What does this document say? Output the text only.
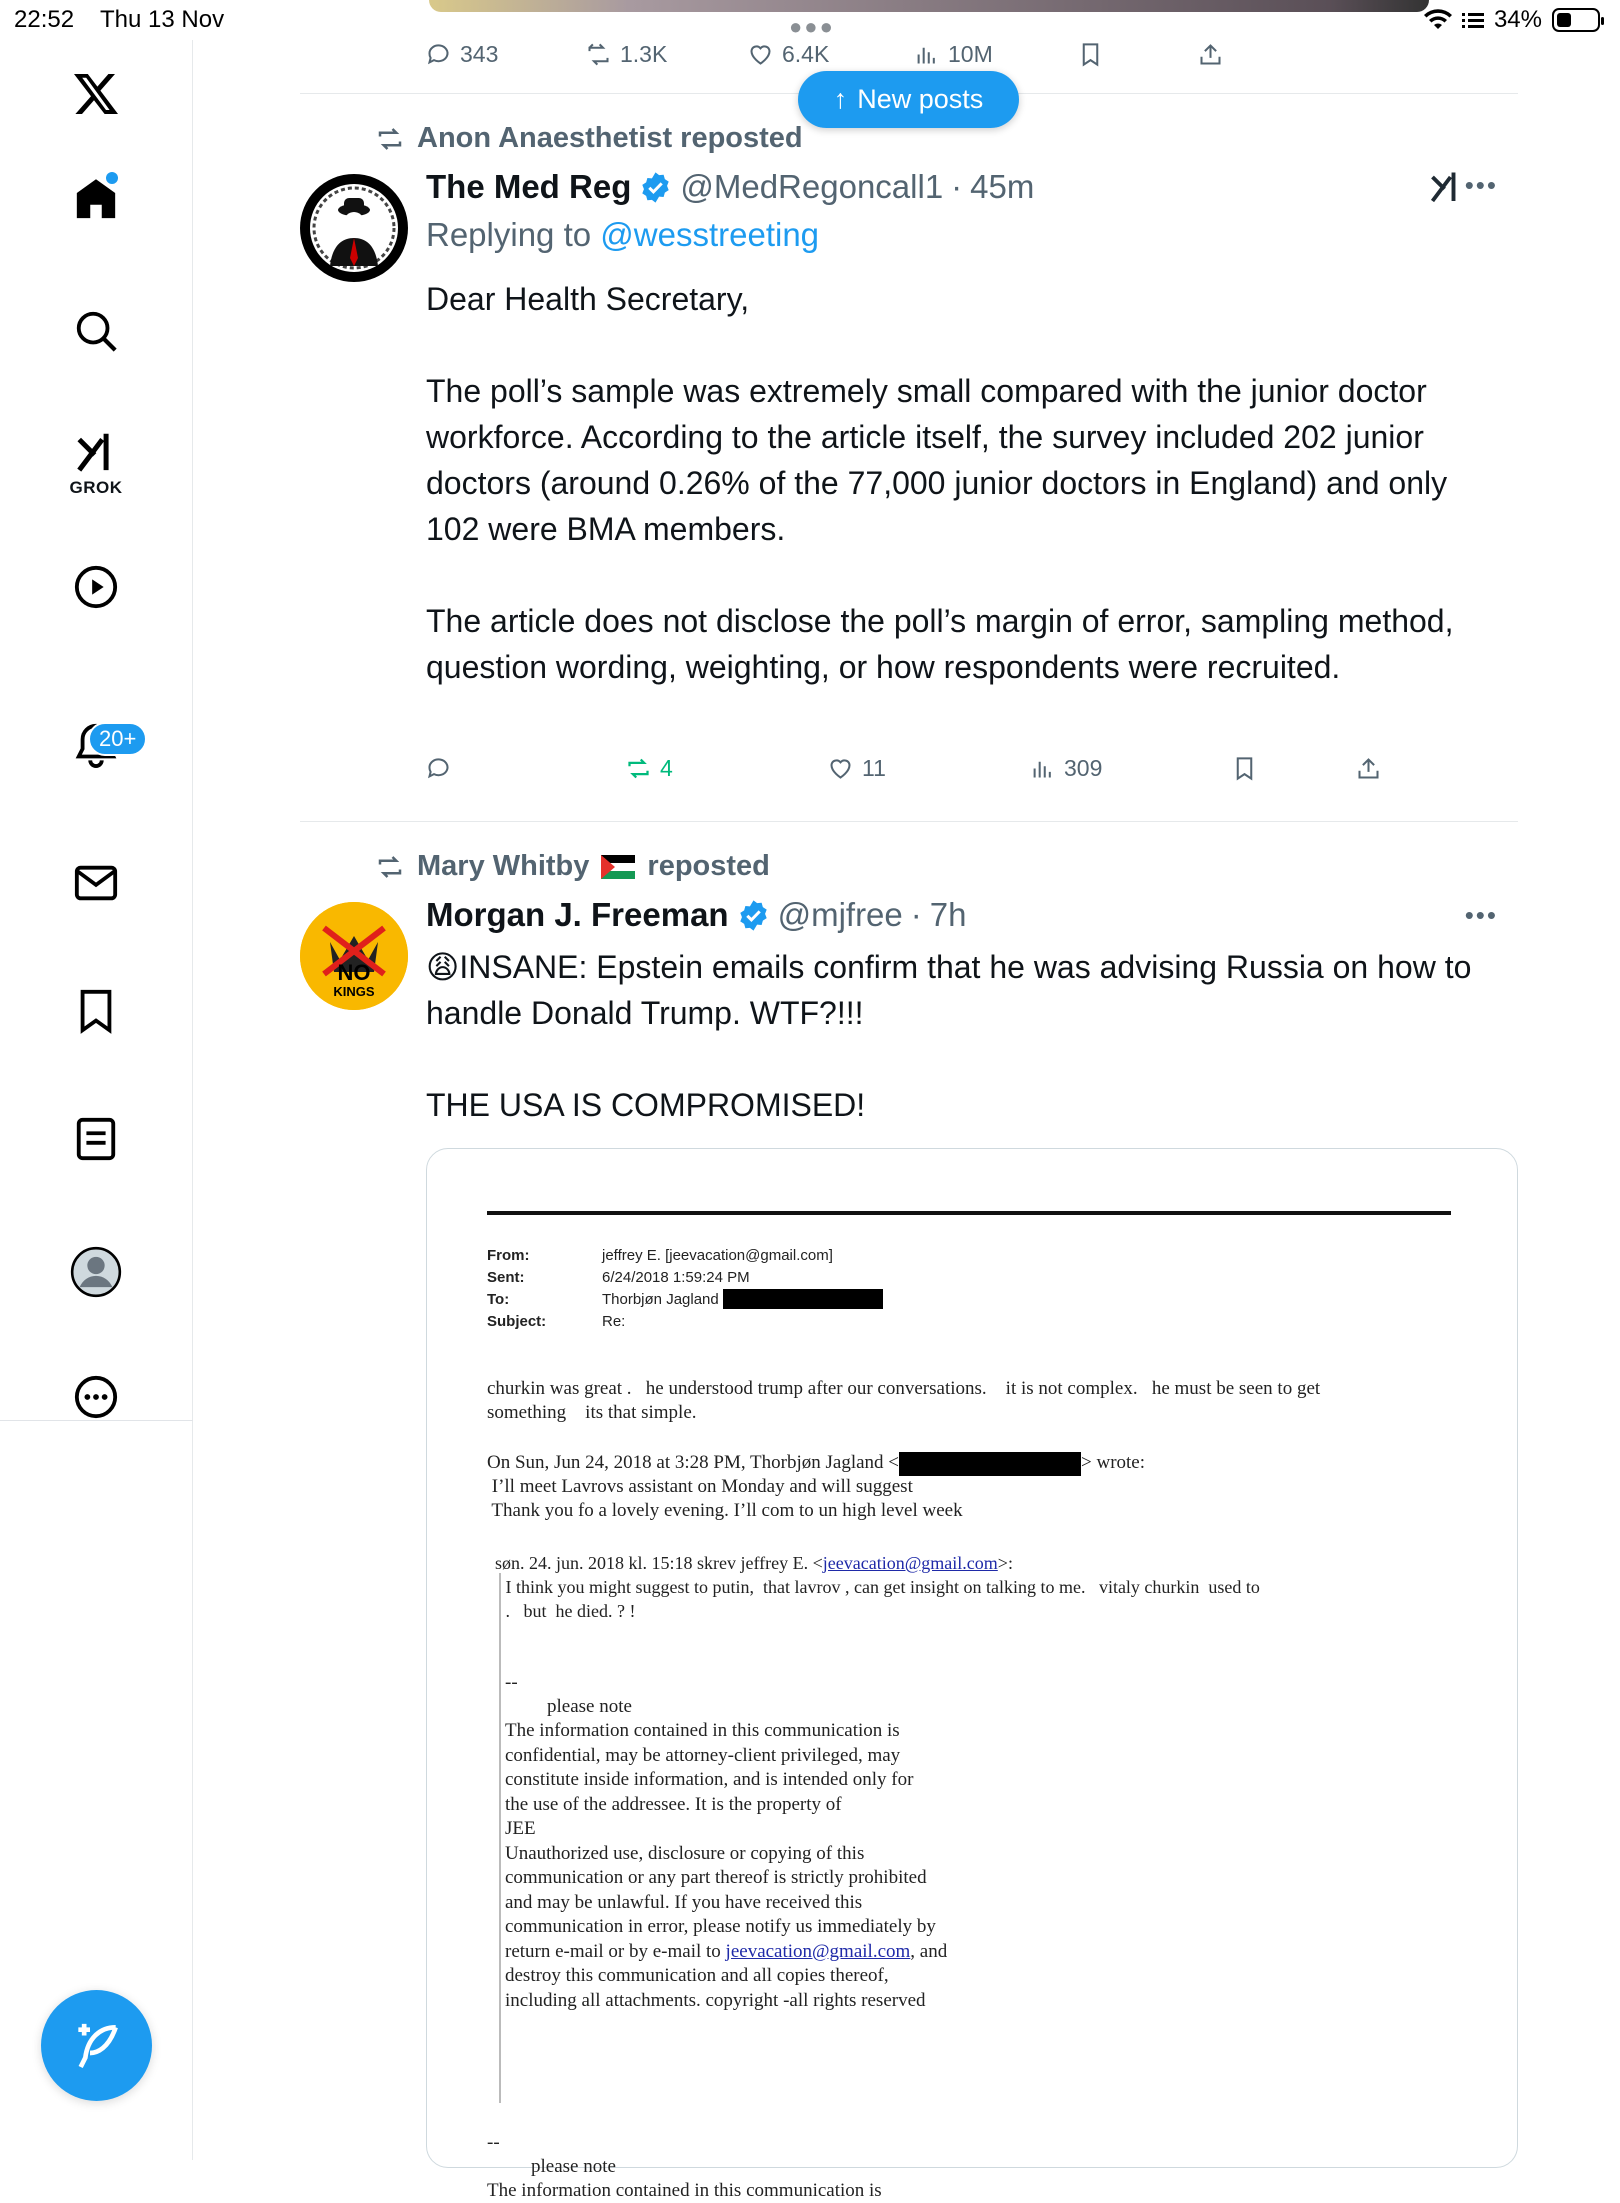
22:52 Thu 13 Nov	34%
GROK
20+
●●●
343	1.3K	6.4K	10M
↑ New posts
Anon Anaesthetist reposted
The Med Reg @MedRegoncall1 · 45m	•••
Replying to @wesstreeting
Dear Health Secretary,

The poll’s sample was extremely small compared with the junior doctor workforce. According to the article itself, the survey included 202 junior doctors (around 0.26% of the 77,000 junior doctors in England) and only 102 were BMA members.

The article does not disclose the poll’s margin of error, sampling method, question wording, weighting, or how respondents were recruited.
4	11	309
Mary Whitby reposted
NO
KINGS
Morgan J. Freeman @mjfree · 7h	•••
😩INSANE: Epstein emails confirm that he was advising Russia on how to handle Donald Trump. WTF?!!!
THE USA IS COMPROMISED!
From:	jeffrey E. [jeevacation@gmail.com]
Sent:	6/24/2018 1:59:24 PM
To:	Thorbjøn Jagland

Subject:	Re:
churkin was great .   he understood trump after our conversations.    it is not complex.   he must be seen to get
something    its that simple.
On Sun, Jun 24, 2018 at 3:28 PM, Thorbjøn Jagland <	> wrote:
I’ll meet Lavrovs assistant on Monday and will suggest
Thank you fo a lovely evening. I’ll com to un high level week
søn. 24. jun. 2018 kl. 15:18 skrev jeffrey E. <jeevacation@gmail.com>:
I think you might suggest to putin,  that lavrov , can get insight on talking to me.   vitaly churkin  used to
.   but  he died. ? !
--
please note
The information contained in this communication is
confidential, may be attorney-client privileged, may
constitute inside information, and is intended only for
the use of the addressee. It is the property of
JEE
Unauthorized use, disclosure or copying of this
communication or any part thereof is strictly prohibited
and may be unlawful. If you have received this
communication in error, please notify us immediately by
return e-mail or by e-mail to jeevacation@gmail.com, and
destroy this communication and all copies thereof,
including all attachments. copyright -all rights reserved
--
please note
The information contained in this communication is
